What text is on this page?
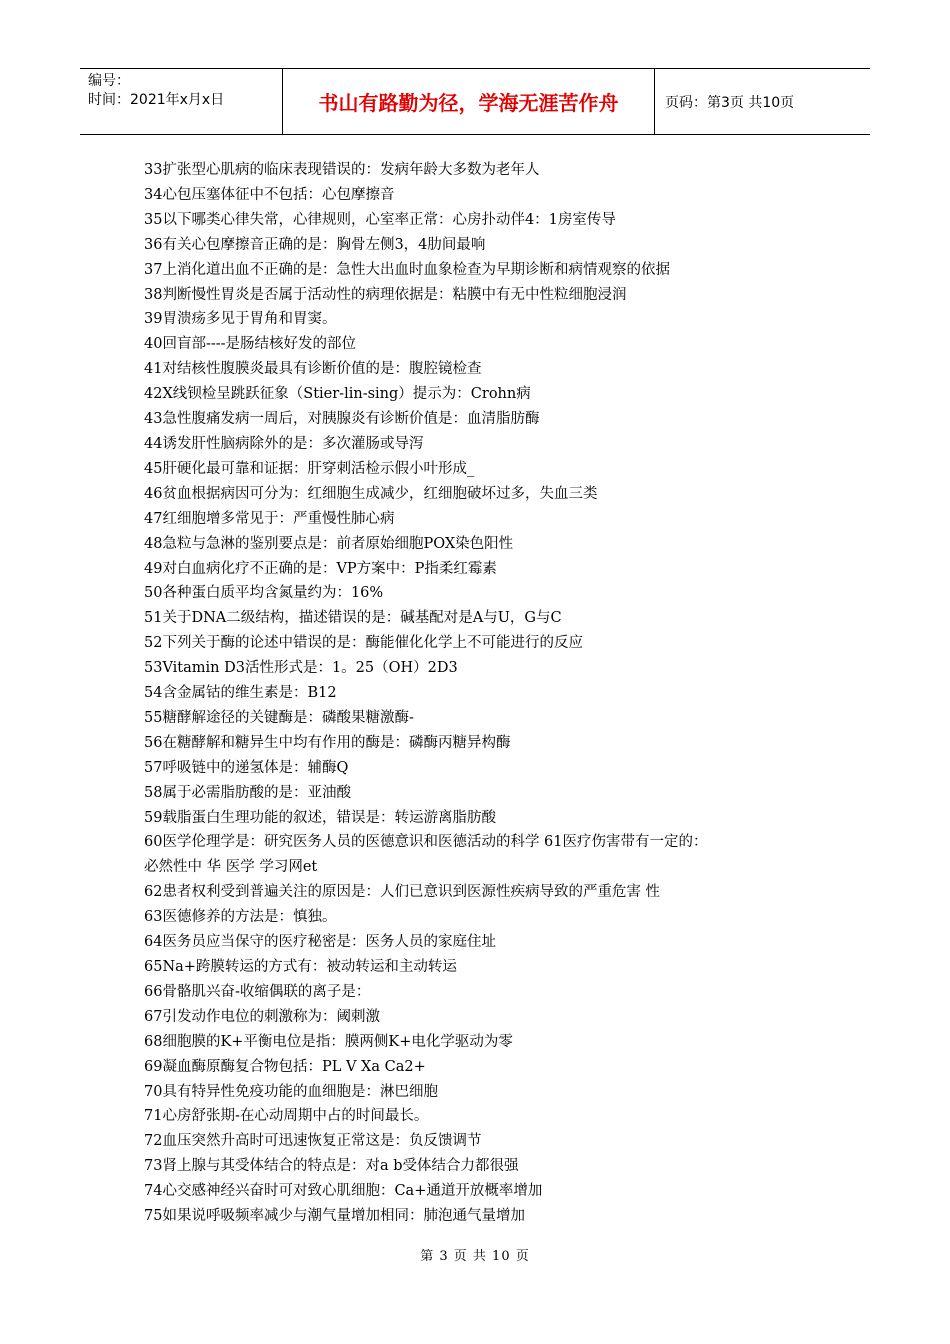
编号：
时间：2021年x月x日	书山有路勤为径，学海无涯苦作舟	页码：第3页 共10页

33扩张型心肌病的临床表现错误的：发病年龄大多数为老年人

34心包压塞体征中不包括：心包摩擦音

35以下哪类心律失常，心律规则，心室率正常：心房扑动伴4：1房室传导

36有关心包摩擦音正确的是：胸骨左侧3，4肋间最响

37上消化道出血不正确的是：急性大出血时血象检查为早期诊断和病情观察的依据

38判断慢性胃炎是否属于活动性的病理依据是：粘膜中有无中性粒细胞浸润

39胃溃疡多见于胃角和胃窦。

40回盲部----是肠结核好发的部位

41对结核性腹膜炎最具有诊断价值的是：腹腔镜检查

42X线钡检呈跳跃征象（Stier-lin-sing）提示为：Crohn病

43急性腹痛发病一周后，对胰腺炎有诊断价值是：血清脂肪酶

44诱发肝性脑病除外的是：多次灌肠或导泻

45肝硬化最可靠和证据：肝穿刺活检示假小叶形成_

46贫血根据病因可分为：红细胞生成减少，红细胞破坏过多，失血三类

47红细胞增多常见于：严重慢性肺心病

48急粒与急淋的鉴别要点是：前者原始细胞POX染色阳性

49对白血病化疗不正确的是：VP方案中：P指柔红霉素

50各种蛋白质平均含氮量约为：16%

51关于DNA二级结构，描述错误的是：碱基配对是A与U，G与C

52下列关于酶的论述中错误的是：酶能催化化学上不可能进行的反应

53Vitamin D3活性形式是：1。25（OH）2D3

54含金属钴的维生素是：B12

55糖酵解途径的关键酶是：磷酸果糖激酶-

56在糖酵解和糖异生中均有作用的酶是：磷酶丙糖异构酶

57呼吸链中的递氢体是：辅酶Q

58属于必需脂肪酸的是：亚油酸

59载脂蛋白生理功能的叙述，错误是：转运游离脂肪酸

60医学伦理学是：研究医务人员的医德意识和医德活动的科学 61医疗伤害带有一定的：

必然性中 华 医学 学习网et

62患者权利受到普遍关注的原因是：人们已意识到医源性疾病导致的严重危害 性

63医德修养的方法是：慎独。

64医务员应当保守的医疗秘密是：医务人员的家庭住址

65Na+跨膜转运的方式有：被动转运和主动转运

66骨骼肌兴奋-收缩偶联的离子是：

67引发动作电位的刺激称为：阈刺激

68细胞膜的K+平衡电位是指：膜两侧K+电化学驱动为零

69凝血酶原酶复合物包括：PL V Xa Ca2+

70具有特异性免疫功能的血细胞是：淋巴细胞

71心房舒张期-在心动周期中占的时间最长。

72血压突然升高时可迅速恢复正常这是：负反馈调节

73肾上腺与其受体结合的特点是：对a b受体结合力都很强

74心交感神经兴奋时可对致心肌细胞：Ca+通道开放概率增加

75如果说呼吸频率减少与潮气量增加相同：肺泡通气量增加

第 3 页 共 10 页
